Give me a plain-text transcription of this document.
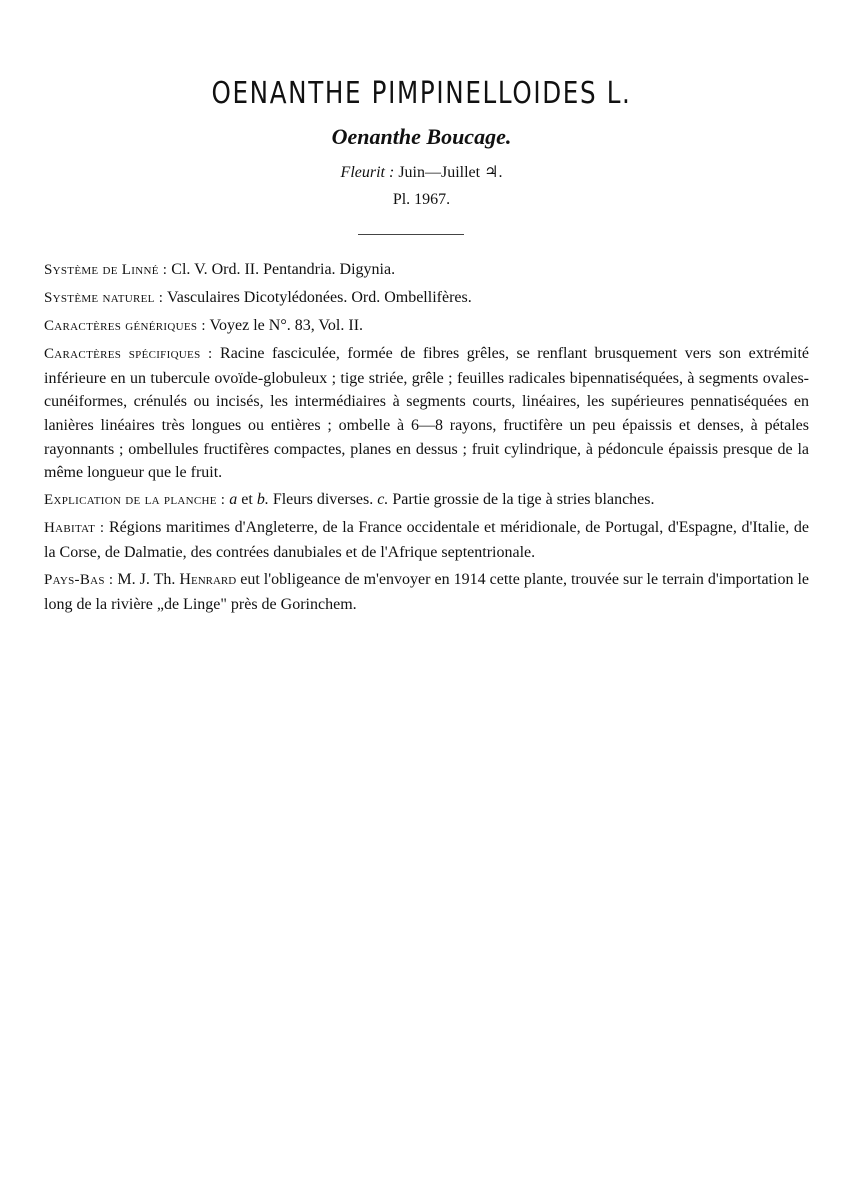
OENANTHE PIMPINELLOIDES L.
Oenanthe Boucage.
Fleurit : Juin—Juillet ♃.
Pl. 1967.

Système de Linné : Cl. V. Ord. II. Pentandria. Digynia.

Système naturel : Vasculaires Dicotylédonées. Ord. Ombellifères.

Caractères génériques : Voyez le N°. 83, Vol. II.

Caractères spécifiques : Racine fasciculée, formée de fibres grêles, se renflant brusquement vers son extrémité inférieure en un tubercule ovoïde-globuleux ; tige striée, grêle ; feuilles radicales bipennatiséquées, à segments ovales-cunéiformes, crénulés ou incisés, les intermédiaires à segments courts, linéaires, les supérieures pennatiséquées en lanières linéaires très longues ou entières ; ombelle à 6—8 rayons, fructifère un peu épaissis et denses, à pétales rayonnants ; ombellules fructifères compactes, planes en dessus ; fruit cylindrique, à pédoncule épaissis presque de la même longueur que le fruit.

Explication de la planche : a et b. Fleurs diverses. c. Partie grossie de la tige à stries blanches.

Habitat : Régions maritimes d'Angleterre, de la France occidentale et méridionale, de Portugal, d'Espagne, d'Italie, de la Corse, de Dalmatie, des contrées danubiales et de l'Afrique septentrionale.

Pays-Bas : M. J. Th. Henrard eut l'obligeance de m'envoyer en 1914 cette plante, trouvée sur le terrain d'importation le long de la rivière „de Linge" près de Gorinchem.
